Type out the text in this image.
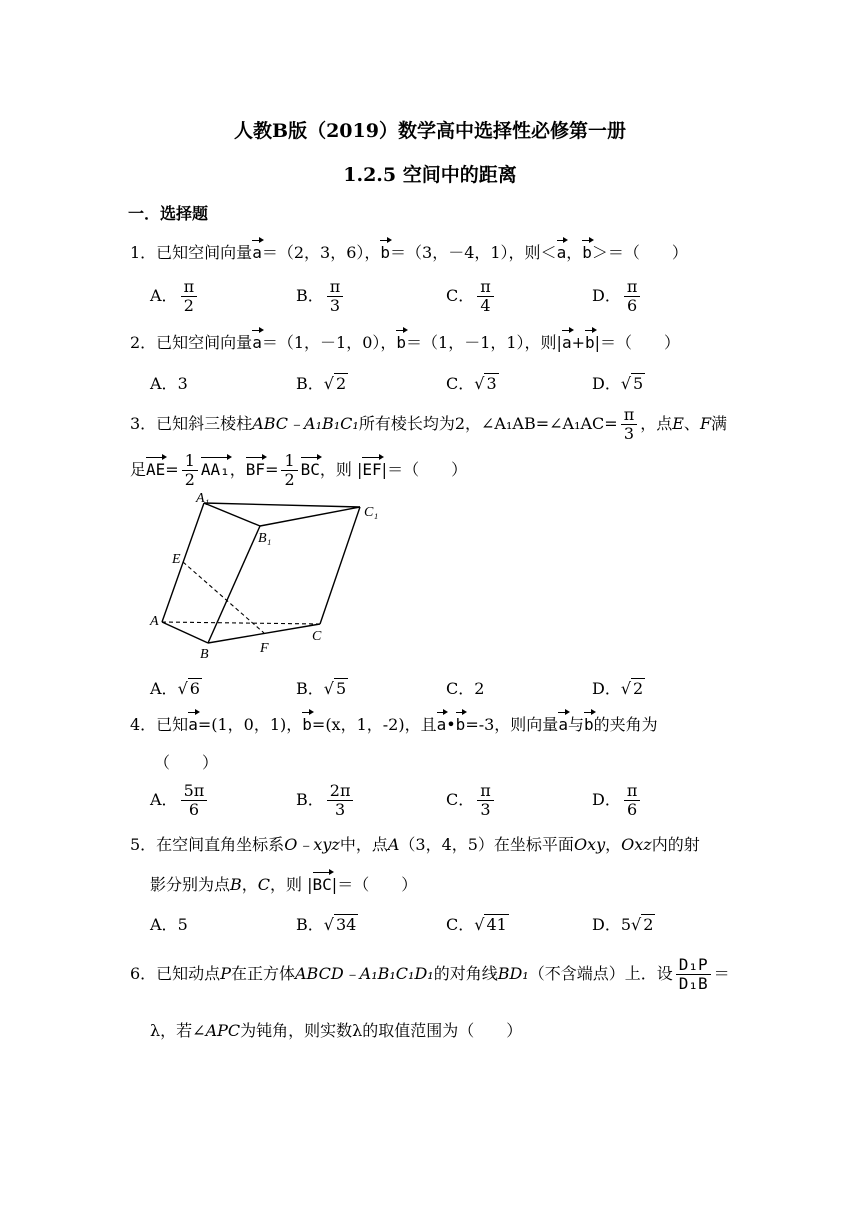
人教B版（2019）数学高中选择性必修第一册
1.2.5 空间中的距离
一．选择题
1．已知空间向量a＝（2，3，6），b＝（3，－4，1），则＜a，b＞＝（　　）
A． $\frac{\pi}{2}$	B． $\frac{\pi}{3}$	C． $\frac{\pi}{4}$	D． $\frac{\pi}{6}$
2．已知空间向量a＝（1，－1，0），b＝（1，－1，1），则|a+b|＝（　　）
A．3	B．√ 2	C．√ 3	D．√ 5
3．已知斜三棱柱ABC﹣A₁B₁C₁所有棱长均为2，∠A₁AB=∠A₁AC= $\frac{\pi}{3}$ ，点E、F满
足$AE= \frac{1}{2} AA_1$，$BF= \frac{1}{2}$ BC，则 |EF|＝（　　）
A₁
B₁
C₁
E
A
B	F
C
A．√ 6	B．√ 5	C．2	D．√ 2
4．已知a=(1，0，1)，b=(x，1，-2)，且a•b=-3，则向量a与b的夹角为
（　　）
A． $\frac{5\pi}{6}$	B． $\frac{2\pi}{3}$	C． $\frac{\pi}{3}$	D． $\frac{\pi}{6}$
5．在空间直角坐标系O﹣xyz中，点A（3，4，5）在坐标平面Oxy，Oxz内的射
影分别为点B，C，则 |BC|＝（　　）
A．5	B．√ 34	C．√ 41	D．5√ 2
6．已知动点P在正方体ABCD﹣A₁B₁C₁D₁的对角线BD₁（不含端点）上．设 $\frac{\text{D₁P}}{\text{D₁B}}$ ＝
λ，若∠APC为钝角，则实数λ的取值范围为（　　）
